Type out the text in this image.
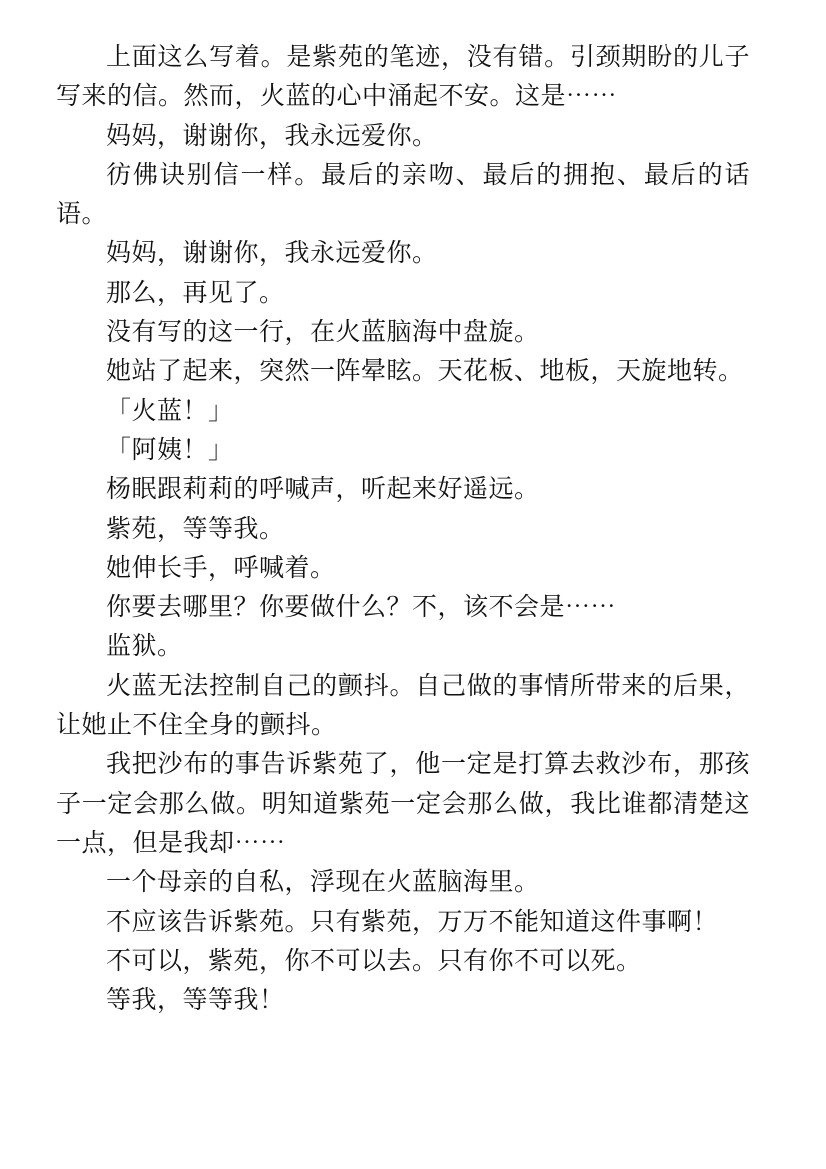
上面这么写着。是紫苑的笔迹，没有错。引颈期盼的儿子写来的信。然而，火蓝的心中涌起不安。这是⋯⋯

妈妈，谢谢你，我永远爱你。

彷佛诀别信一样。最后的亲吻、最后的拥抱、最后的话语。

妈妈，谢谢你，我永远爱你。

那么，再见了。

没有写的这一行，在火蓝脑海中盘旋。

她站了起来，突然一阵晕眩。天花板、地板，天旋地转。

「火蓝！」

「阿姨！」

杨眠跟莉莉的呼喊声，听起来好遥远。

紫苑，等等我。

她伸长手，呼喊着。

你要去哪里？你要做什么？不，该不会是⋯⋯

监狱。

火蓝无法控制自己的颤抖。自己做的事情所带来的后果，让她止不住全身的颤抖。

我把沙布的事告诉紫苑了，他一定是打算去救沙布，那孩子一定会那么做。明知道紫苑一定会那么做，我比谁都清楚这一点，但是我却⋯⋯

一个母亲的自私，浮现在火蓝脑海里。

不应该告诉紫苑。只有紫苑，万万不能知道这件事啊！

不可以，紫苑，你不可以去。只有你不可以死。

等我，等等我！
